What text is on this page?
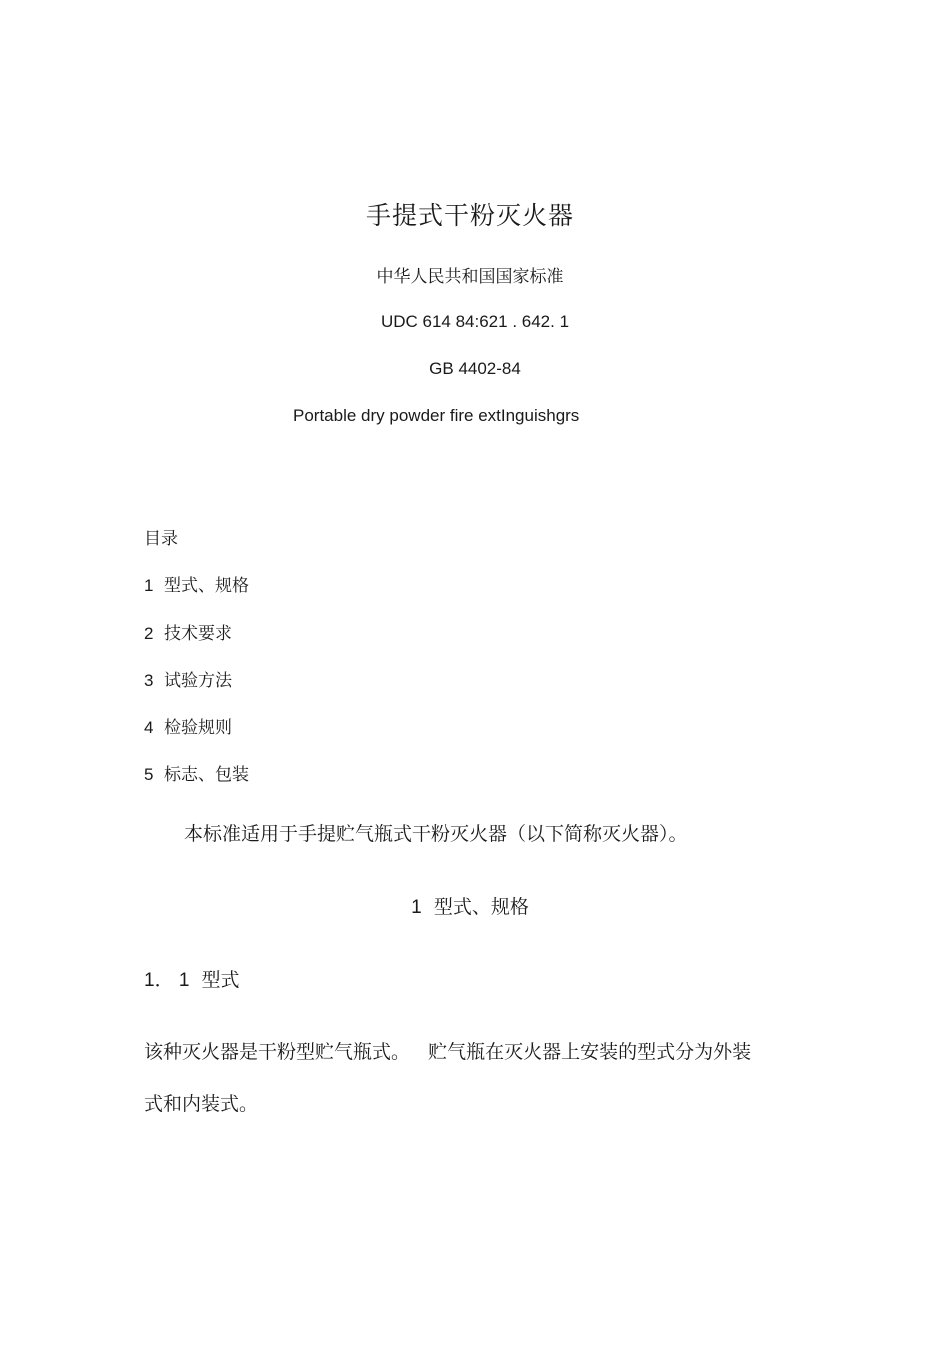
手提式干粉灭火器
中华人民共和国国家标准
UDC 614 84:621 . 642. 1
GB 4402-84
Portable dry powder fire extInguishgrs
目录
1 型式、规格
2 技术要求
3 试验方法
4 检验规则
5 标志、包装
本标准适用于手提贮气瓶式干粉灭火器（以下简称灭火器）。
1 型式、规格
1． 1 型式
该种灭火器是干粉型贮气瓶式。   贮气瓶在灭火器上安装的型式分为外装
式和内装式。
